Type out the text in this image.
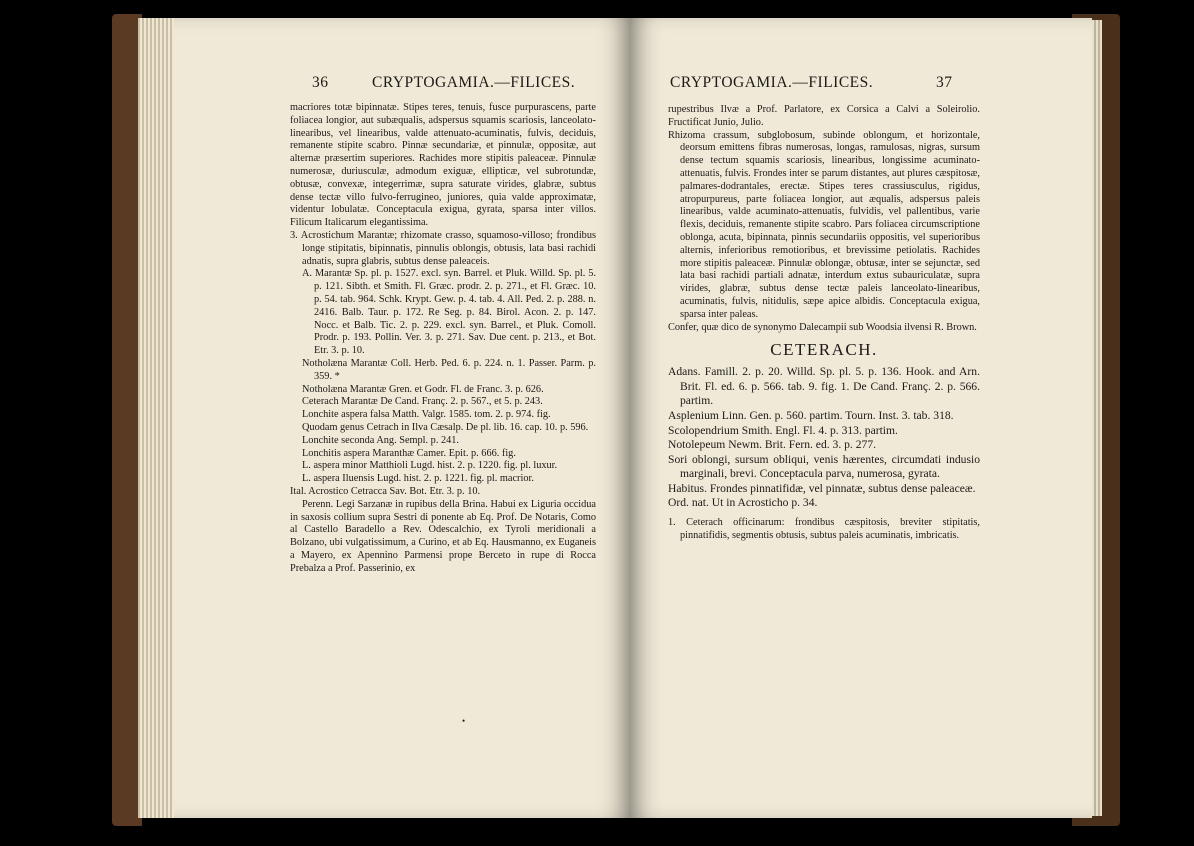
36	CRYPTOGAMIA.—FILICES.

macriores totæ bipinnatæ. Stipes teres, tenuis, fusce purpurascens, parte foliacea longior, aut subæqualis, adspersus squamis scariosis, lanceolato-linearibus, vel linearibus, valde attenuato-acuminatis, fulvis, deciduis, remanente stipite scabro. Pinnæ secundariæ, et pinnulæ, oppositæ, aut alternæ præsertim superiores. Rachides more stipitis paleaceæ. Pinnulæ numerosæ, duriusculæ, admodum exiguæ, ellipticæ, vel subrotundæ, obtusæ, convexæ, integerrimæ, supra saturate virides, glabræ, subtus dense tectæ villo fulvo-ferrugineo, juniores, quia valde approximatæ, videntur lobulatæ. Conceptacula exigua, gyrata, sparsa inter villos. Filicum Italicarum elegantissima.

3. Acrostichum Marantæ; rhizomate crasso, squamoso-villoso; frondibus longe stipitatis, bipinnatis, pinnulis oblongis, obtusis, lata basi rachidi adnatis, supra glabris, subtus dense paleaceis.

A. Marantæ Sp. pl. p. 1527. excl. syn. Barrel. et Pluk. Willd. Sp. pl. 5. p. 121. Sibth. et Smith. Fl. Græc. prodr. 2. p. 271., et Fl. Græc. 10. p. 54. tab. 964. Schk. Krypt. Gew. p. 4. tab. 4. All. Ped. 2. p. 288. n. 2416. Balb. Taur. p. 172. Re Seg. p. 84. Birol. Acon. 2. p. 147. Nocc. et Balb. Tic. 2. p. 229. excl. syn. Barrel., et Pluk. Comoll. Prodr. p. 193. Pollin. Ver. 3. p. 271. Sav. Due cent. p. 213., et Bot. Etr. 3. p. 10.

Notholæna Marantæ Coll. Herb. Ped. 6. p. 224. n. 1. Passer. Parm. p. 359. *

Notholæna Marantæ Gren. et Godr. Fl. de Franc. 3. p. 626.

Ceterach Marantæ De Cand. Franç. 2. p. 567., et 5. p. 243.

Lonchite aspera falsa Matth. Valgr. 1585. tom. 2. p. 974. fig.

Quodam genus Cetrach in Ilva Cæsalp. De pl. lib. 16. cap. 10. p. 596.

Lonchite seconda Ang. Sempl. p. 241.

Lonchitis aspera Maranthæ Camer. Epit. p. 666. fig.

L. aspera minor Matthioli Lugd. hist. 2. p. 1220. fig. pl. luxur.

L. aspera Iluensis Lugd. hist. 2. p. 1221. fig. pl. macrior.

Ital. Acrostico Cetracca Sav. Bot. Etr. 3. p. 10.

Perenn. Legi Sarzanæ in rupibus della Brina. Habui ex Liguria occidua in saxosis collium supra Sestri di ponente ab Eq. Prof. De Notaris, Como al Castello Baradello a Rev. Odescalchio, ex Tyroli meridionali a Bolzano, ubi vulgatissimum, a Curino, et ab Eq. Hausmanno, ex Euganeis a Mayero, ex Apennino Parmensi prope Berceto in rupe di Rocca Prebalza a Prof. Passerinio, ex

•
CRYPTOGAMIA.—FILICES.	37

rupestribus Ilvæ a Prof. Parlatore, ex Corsica a Calvi a Soleirolio. Fructificat Junio, Julio.

Rhizoma crassum, subglobosum, subinde oblongum, et horizontale, deorsum emittens fibras numerosas, longas, ramulosas, nigras, sursum dense tectum squamis scariosis, linearibus, longissime acuminato-attenuatis, fulvis. Frondes inter se parum distantes, aut plures cæspitosæ, palmares-dodrantales, erectæ. Stipes teres crassiusculus, rigidus, atropurpureus, parte foliacea longior, aut æqualis, adspersus paleis linearibus, valde acuminato-attenuatis, fulvidis, vel pallentibus, varie flexis, deciduis, remanente stipite scabro. Pars foliacea circumscriptione oblonga, acuta, bipinnata, pinnis secundariis oppositis, vel superioribus alternis, inferioribus remotioribus, et brevissime petiolatis. Rachides more stipitis paleaceæ. Pinnulæ oblongæ, obtusæ, inter se sejunctæ, sed lata basi rachidi partiali adnatæ, interdum extus subauriculatæ, supra virides, glabræ, subtus dense tectæ paleis lanceolato-linearibus, acuminatis, fulvis, nitidulis, sæpe apice albidis. Conceptacula exigua, sparsa inter paleas.

Confer, quæ dico de synonymo Dalecampii sub Woodsia ilvensi R. Brown.

CETERACH.

Adans. Famill. 2. p. 20. Willd. Sp. pl. 5. p. 136. Hook. and Arn. Brit. Fl. ed. 6. p. 566. tab. 9. fig. 1. De Cand. Franç. 2. p. 566. partim.

Asplenium Linn. Gen. p. 560. partim. Tourn. Inst. 3. tab. 318.

Scolopendrium Smith. Engl. Fl. 4. p. 313. partim.

Notolepeum Newm. Brit. Fern. ed. 3. p. 277.

Sori oblongi, sursum obliqui, venis hærentes, circumdati indusio marginali, brevi. Conceptacula parva, numerosa, gyrata.

Habitus. Frondes pinnatifidæ, vel pinnatæ, subtus dense paleaceæ.

Ord. nat. Ut in Acrosticho p. 34.

1. Ceterach officinarum: frondibus cæspitosis, breviter stipitatis, pinnatifidis, segmentis obtusis, subtus paleis acuminatis, imbricatis.
